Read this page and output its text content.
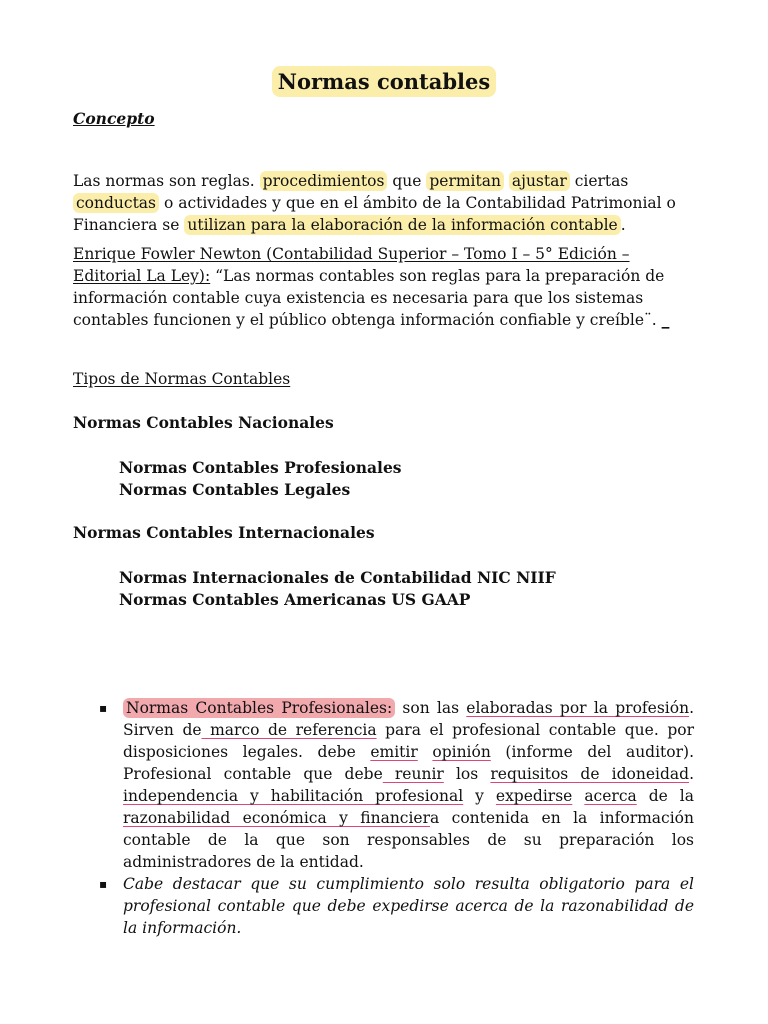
Normas contables
Concepto
Las normas son reglas. procedimientos que permitan ajustar ciertas conductas o actividades y que en el ámbito de la Contabilidad Patrimonial o Financiera se utilizan para la elaboración de la información contable .
Enrique Fowler Newton (Contabilidad Superior – Tomo I – 5° Edición – Editorial La Ley): “Las normas contables son reglas para la preparación de información contable cuya existencia es necesaria para que los sistemas contables funcionen y el público obtenga información confiable y creíble¨. _
Tipos de Normas Contables
Normas Contables Nacionales
Normas Contables Profesionales
Normas Contables Legales
Normas Contables Internacionales
Normas Internacionales de Contabilidad NIC NIIF
Normas Contables Americanas US GAAP
▪ Normas Contables Profesionales: son las elaboradas por la profesión. Sirven de marco de referencia para el profesional contable que. por disposiciones legales. debe emitir opinión (informe del auditor). Profesional contable que debe reunir los requisitos de idoneidad. independencia y habilitación profesional y expedirse acerca de la razonabilidad económica y financiera contenida en la información contable de la que son responsables de su preparación los administradores de la entidad.
▪ Cabe destacar que su cumplimiento solo resulta obligatorio para el profesional contable que debe expedirse acerca de la razonabilidad de la información.
